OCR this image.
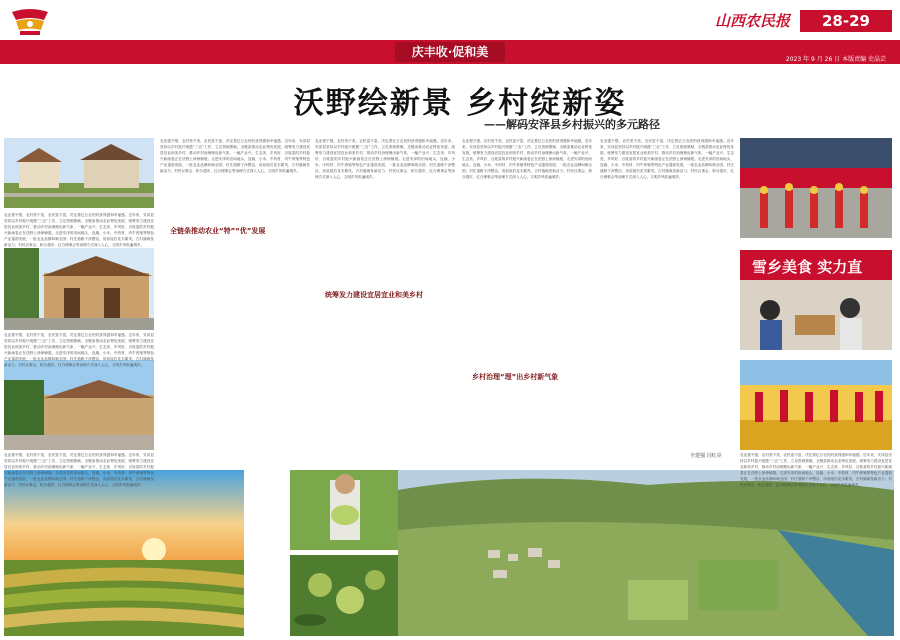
山西农民报	28-29
庆丰收·促和美
2023 年 9 月 26 日 本版责编 史晶芸
沃野绘新景 乡村绽新姿
——解码安泽县乡村振兴的多元路径
雪乡美食 实力直
农业强不强，农村美不美，农民富不富，决定着亿万农民的获得感和幸福感。近年来，安泽县坚持以乡村振兴统揽“三农”工作，立足资源禀赋，全链条推动农业特优发展，统筹发力建设宜居宜业和美乡村，推动乡村治理理出新气象，一幅产业兴、生态美、乡风好、百姓富的乡村振兴新画卷正在沃野上徐徐铺展。走进安泽的田间地头，连翘、小米、中药材、肉牛养殖等特色产业蓬勃发展，一批农业品牌叫响全国；村庄道路干净整洁，房前屋后花木繁茂，古村落焕发新活力；村民议事会、积分超市、红白理事会等治理方式深入人心，文明乡风吹遍城乡。
农业强不强，农村美不美，农民富不富，决定着亿万农民的获得感和幸福感。近年来，安泽县坚持以乡村振兴统揽“三农”工作，立足资源禀赋，全链条推动农业特优发展，统筹发力建设宜居宜业和美乡村，推动乡村治理理出新气象，一幅产业兴、生态美、乡风好、百姓富的乡村振兴新画卷正在沃野上徐徐铺展。走进安泽的田间地头，连翘、小米、中药材、肉牛养殖等特色产业蓬勃发展，一批农业品牌叫响全国；村庄道路干净整洁，房前屋后花木繁茂，古村落焕发新活力；村民议事会、积分超市、红白理事会等治理方式深入人心，文明乡风吹遍城乡。
农业强不强，农村美不美，农民富不富，决定着亿万农民的获得感和幸福感。近年来，安泽县坚持以乡村振兴统揽“三农”工作，立足资源禀赋，全链条推动农业特优发展，统筹发力建设宜居宜业和美乡村，推动乡村治理理出新气象，一幅产业兴、生态美、乡风好、百姓富的乡村振兴新画卷正在沃野上徐徐铺展。走进安泽的田间地头，连翘、小米、中药材、肉牛养殖等特色产业蓬勃发展，一批农业品牌叫响全国；村庄道路干净整洁，房前屋后花木繁茂，古村落焕发新活力；村民议事会、积分超市、红白理事会等治理方式深入人心，文明乡风吹遍城乡。
农业强不强，农村美不美，农民富不富，决定着亿万农民的获得感和幸福感。近年来，安泽县坚持以乡村振兴统揽“三农”工作，立足资源禀赋，全链条推动农业特优发展，统筹发力建设宜居宜业和美乡村，推动乡村治理理出新气象，一幅产业兴、生态美、乡风好、百姓富的乡村振兴新画卷正在沃野上徐徐铺展。走进安泽的田间地头，连翘、小米、中药材、肉牛养殖等特色产业蓬勃发展，一批农业品牌叫响全国；村庄道路干净整洁，房前屋后花木繁茂，古村落焕发新活力；村民议事会、积分超市、红白理事会等治理方式深入人心，文明乡风吹遍城乡。
农业强不强，农村美不美，农民富不富，决定着亿万农民的获得感和幸福感。近年来，安泽县坚持以乡村振兴统揽“三农”工作，立足资源禀赋，全链条推动农业特优发展，统筹发力建设宜居宜业和美乡村，推动乡村治理理出新气象，一幅产业兴、生态美、乡风好、百姓富的乡村振兴新画卷正在沃野上徐徐铺展。走进安泽的田间地头，连翘、小米、中药材、肉牛养殖等特色产业蓬勃发展，一批农业品牌叫响全国；村庄道路干净整洁，房前屋后花木繁茂，古村落焕发新活力；村民议事会、积分超市、红白理事会等治理方式深入人心，文明乡风吹遍城乡。
农业强不强，农村美不美，农民富不富，决定着亿万农民的获得感和幸福感。近年来，安泽县坚持以乡村振兴统揽“三农”工作，立足资源禀赋，全链条推动农业特优发展，统筹发力建设宜居宜业和美乡村，推动乡村治理理出新气象，一幅产业兴、生态美、乡风好、百姓富的乡村振兴新画卷正在沃野上徐徐铺展。走进安泽的田间地头，连翘、小米、中药材、肉牛养殖等特色产业蓬勃发展，一批农业品牌叫响全国；村庄道路干净整洁，房前屋后花木繁茂，古村落焕发新活力；村民议事会、积分超市、红白理事会等治理方式深入人心，文明乡风吹遍城乡。
农业强不强，农村美不美，农民富不富，决定着亿万农民的获得感和幸福感。近年来，安泽县坚持以乡村振兴统揽“三农”工作，立足资源禀赋，全链条推动农业特优发展，统筹发力建设宜居宜业和美乡村，推动乡村治理理出新气象，一幅产业兴、生态美、乡风好、百姓富的乡村振兴新画卷正在沃野上徐徐铺展。走进安泽的田间地头，连翘、小米、中药材、肉牛养殖等特色产业蓬勃发展，一批农业品牌叫响全国；村庄道路干净整洁，房前屋后花木繁茂，古村落焕发新活力；村民议事会、积分超市、红白理事会等治理方式深入人心，文明乡风吹遍城乡。
农业强不强，农村美不美，农民富不富，决定着亿万农民的获得感和幸福感。近年来，安泽县坚持以乡村振兴统揽“三农”工作，立足资源禀赋，全链条推动农业特优发展，统筹发力建设宜居宜业和美乡村，推动乡村治理理出新气象，一幅产业兴、生态美、乡风好、百姓富的乡村振兴新画卷正在沃野上徐徐铺展。走进安泽的田间地头，连翘、小米、中药材、肉牛养殖等特色产业蓬勃发展，一批农业品牌叫响全国；村庄道路干净整洁，房前屋后花木繁茂，古村落焕发新活力；村民议事会、积分超市、红白理事会等治理方式深入人心，文明乡风吹遍城乡。
全链条推动农业“特”“优”发展
统筹发力建设宜居宜业和美乡村
乡村治理“理”出乡村新气象
全建强 闫红亮
